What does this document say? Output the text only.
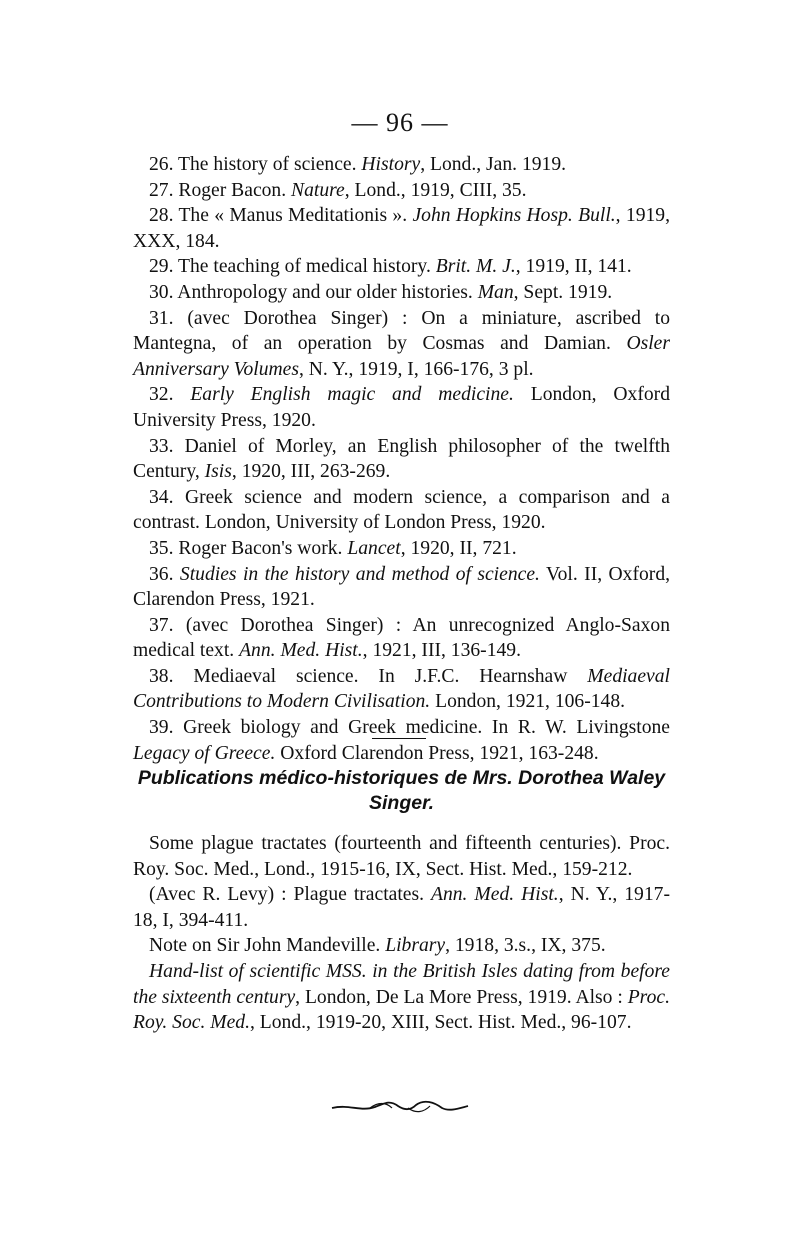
— 96 —

26. The history of science. History, Lond., Jan. 1919.

27. Roger Bacon. Nature, Lond., 1919, CIII, 35.

28. The « Manus Meditationis ». John Hopkins Hosp. Bull., 1919, XXX, 184.

29. The teaching of medical history. Brit. M. J., 1919, II, 141.

30. Anthropology and our older histories. Man, Sept. 1919.

31. (avec Dorothea Singer) : On a miniature, ascribed to Mantegna, of an operation by Cosmas and Damian. Osler Anniversary Volumes, N. Y., 1919, I, 166-176, 3 pl.

32. Early English magic and medicine. London, Oxford University Press, 1920.

33. Daniel of Morley, an English philosopher of the twelfth Century, Isis, 1920, III, 263-269.

34. Greek science and modern science, a comparison and a contrast. London, University of London Press, 1920.

35. Roger Bacon's work. Lancet, 1920, II, 721.

36. Studies in the history and method of science. Vol. II, Oxford, Clarendon Press, 1921.

37. (avec Dorothea Singer) : An unrecognized Anglo-Saxon medical text. Ann. Med. Hist., 1921, III, 136-149.

38. Mediaeval science. In J.F.C. Hearnshaw Mediaeval Contributions to Modern Civilisation. London, 1921, 106-148.

39. Greek biology and Greek medicine. In R. W. Livingstone Legacy of Greece. Oxford Clarendon Press, 1921, 163-248.

Publications médico-historiques de Mrs. Dorothea Waley Singer.

Some plague tractates (fourteenth and fifteenth centuries). Proc. Roy. Soc. Med., Lond., 1915-16, IX, Sect. Hist. Med., 159-212.

(Avec R. Levy) : Plague tractates. Ann. Med. Hist., N. Y., 1917-18, I, 394-411.

Note on Sir John Mandeville. Library, 1918, 3.s., IX, 375.

Hand-list of scientific MSS. in the British Isles dating from before the sixteenth century, London, De La More Press, 1919. Also : Proc. Roy. Soc. Med., Lond., 1919-20, XIII, Sect. Hist. Med., 96-107.
